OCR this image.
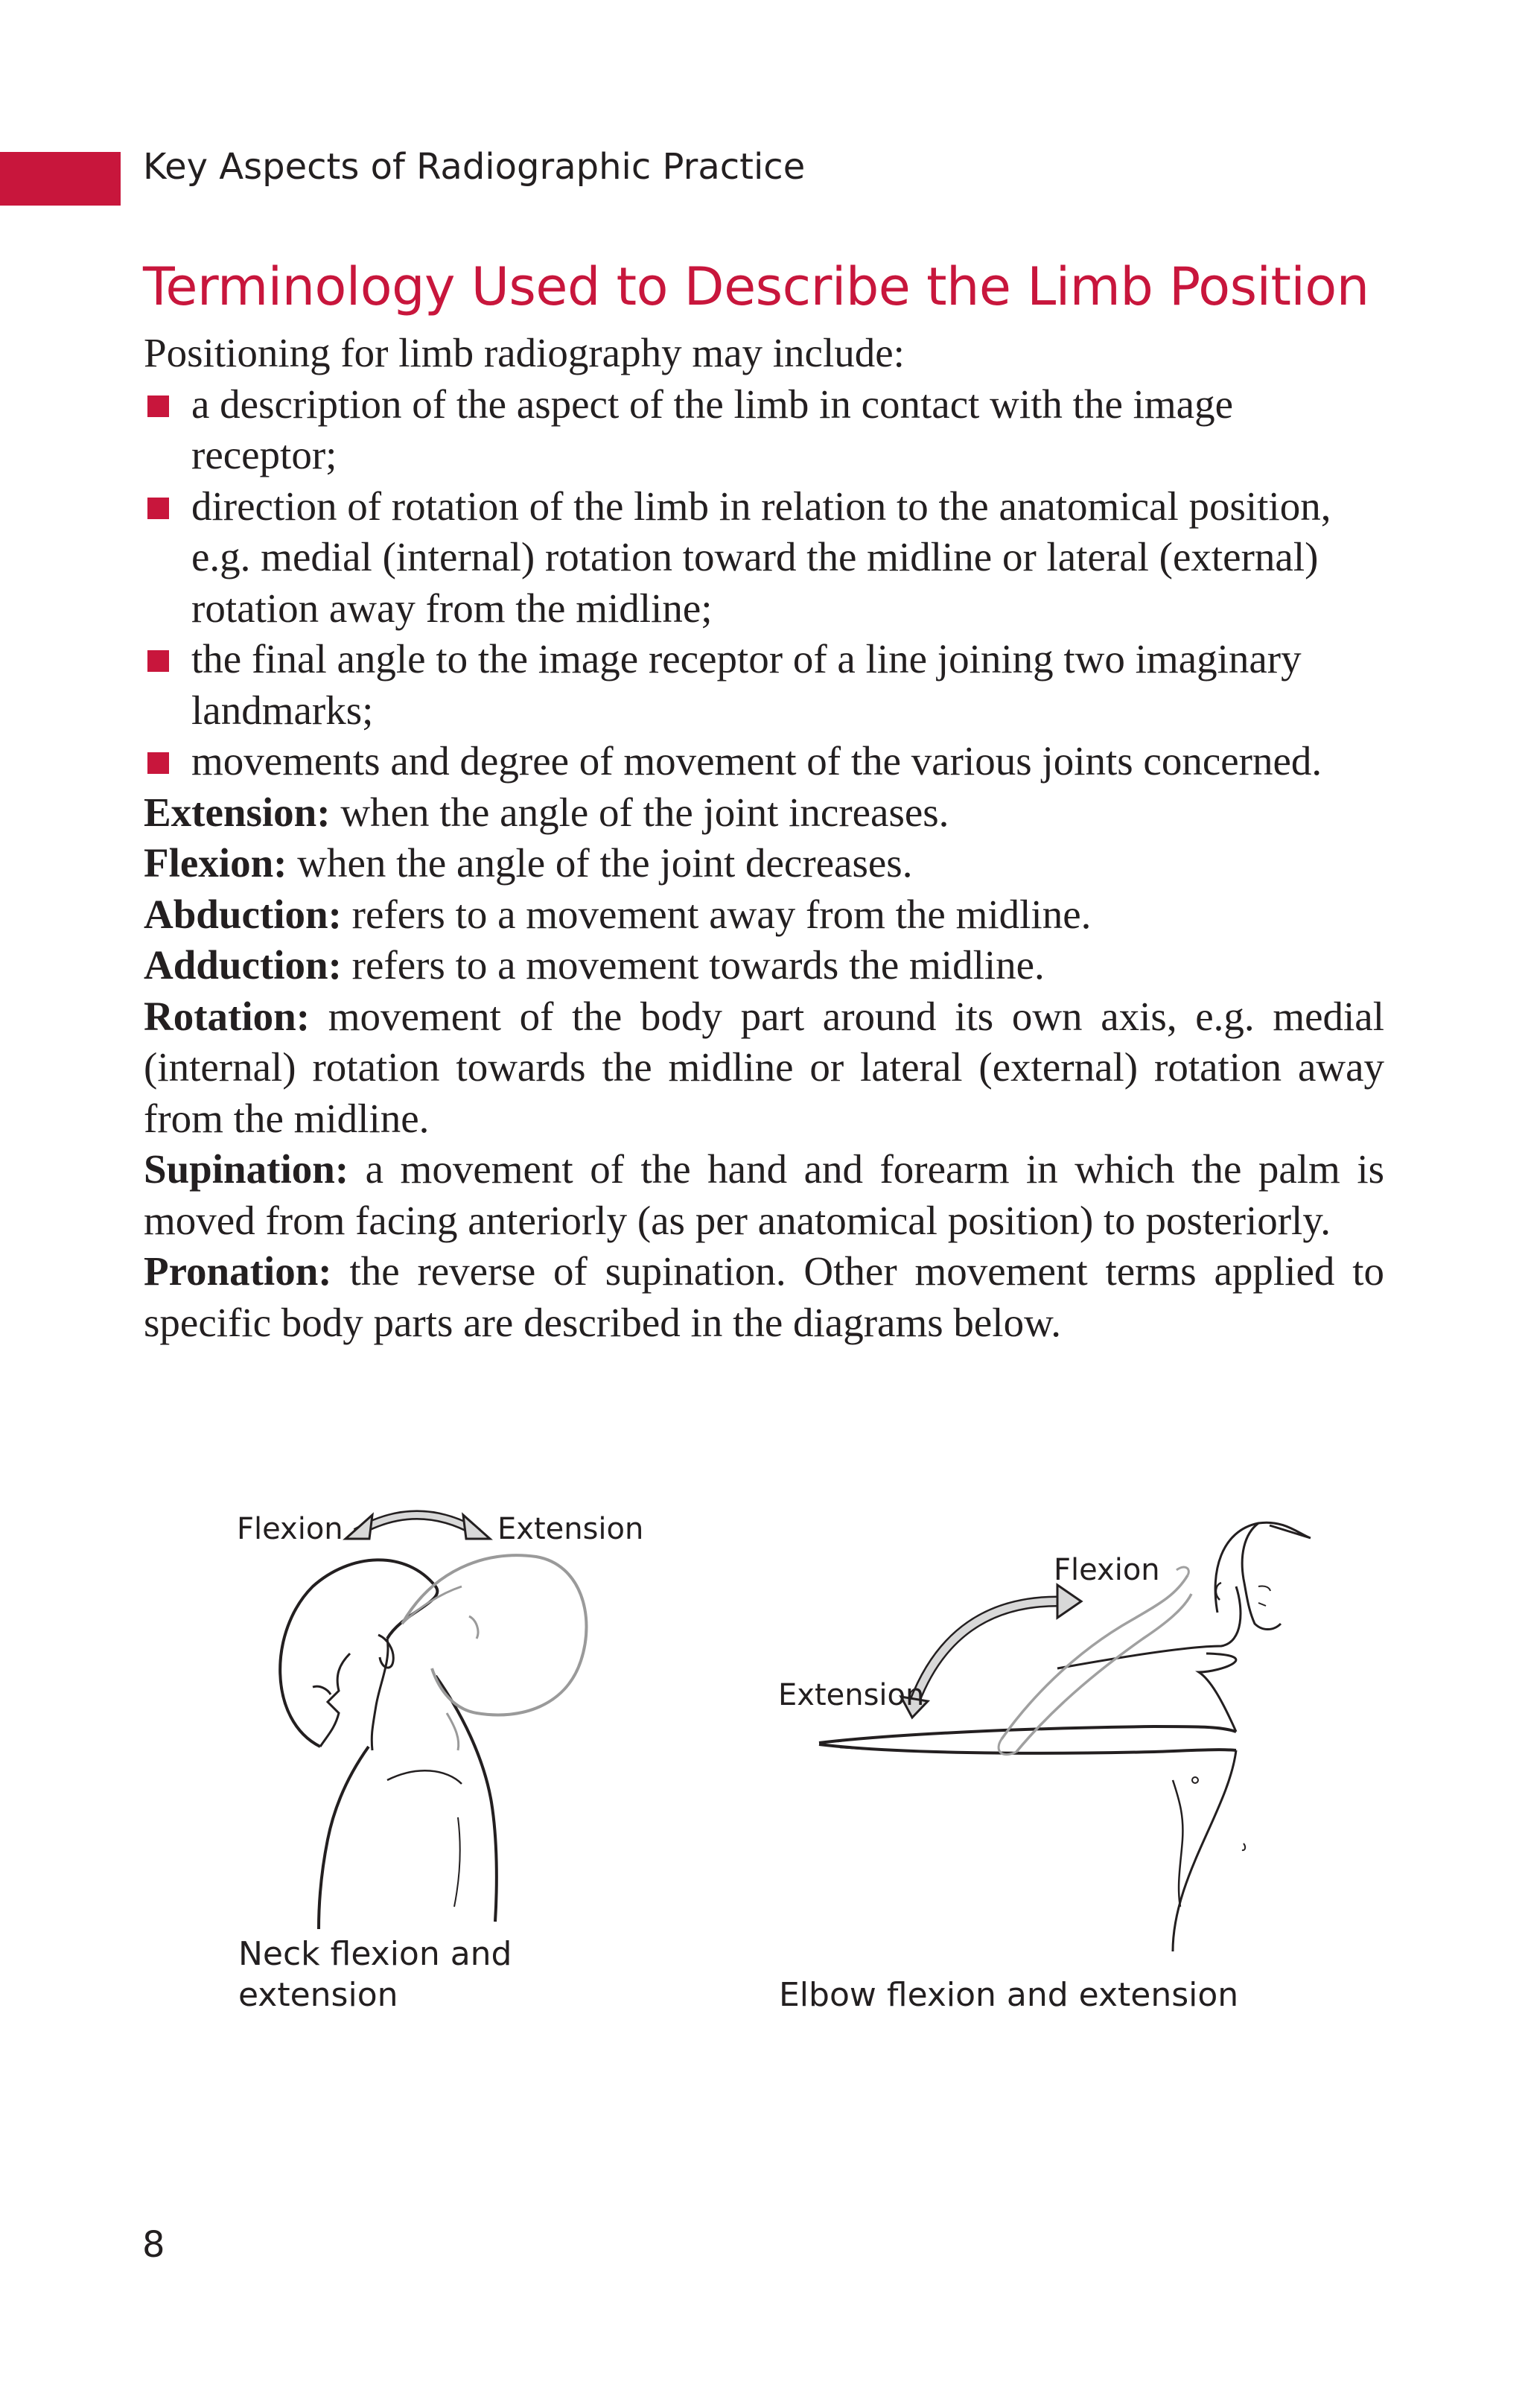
Key Aspects of Radiographic Practice
Terminology Used to Describe the Limb Position

Positioning for limb radiography may include:

a description of the aspect of the limb in contact with the image receptor;
direction of rotation of the limb in relation to the anatomical position, e.g. medial (internal) rotation toward the midline or lateral (external) rotation away from the midline;
the final angle to the image receptor of a line joining two imaginary landmarks;
movements and degree of movement of the various joints concerned.

Extension: when the angle of the joint increases.

Flexion: when the angle of the joint decreases.

Abduction: refers to a movement away from the midline.

Adduction: refers to a movement towards the midline.

Rotation: movement of the body part around its own axis, e.g. medial (internal) rotation towards the midline or lateral (external) rotation away from the midline.

Supination: a movement of the hand and forearm in which the palm is moved from facing anteriorly (as per anatomical position) to posteriorly.

Pronation: the reverse of supination. Other movement terms applied to specific body parts are described in the diagrams below.

Flexion	Extension
Neck flexion and extension
Flexion
Extension
Elbow flexion and extension
8
